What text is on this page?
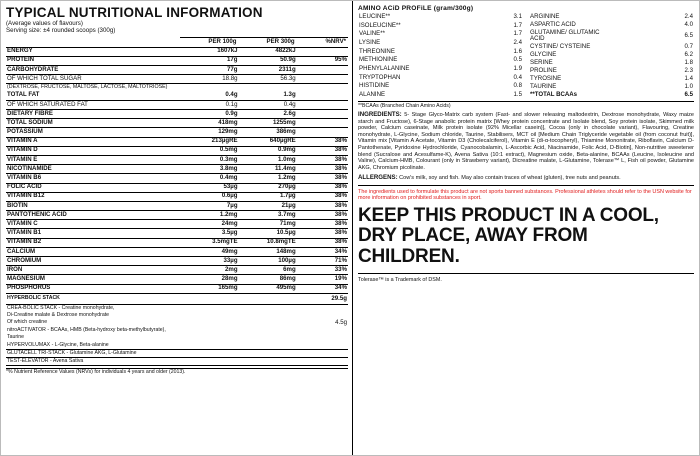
TYPICAL NUTRITIONAL INFORMATION
(Average values of flavours)
Serving size: ±4 rounded scoops (300g)
	PER 100g	PER 300g	%NRV*
ENERGY	1607kJ	4822kJ	
PROTEIN	17g	50.9g	95%
CARBOHYDRATE	77g	2311g	
OF WHICH TOTAL SUGAR	18.8g	56.3g	
(DEXTROSE, FRUCTOSE, MALTOSE, LACTOSE, MALTOTRIOSE)			
TOTAL FAT	0.4g	1.3g	
OF WHICH SATURATED FAT	0.1g	0.4g	
DIETARY FIBRE	0.9g	2.6g	
TOTAL SODIUM	418mg	1255mg	
POTASSIUM	129mg	386mg	
VITAMIN A	213µgRE	640µgRE	38%
VITAMIN D	0.5mg	0.9mg	38%
VITAMIN E	0.3mg	1.0mg	38%
NICOTINAMIDE	3.8mg	11.4mg	38%
VITAMIN B6	0.4mg	1.2mg	38%
FOLIC ACID	53µg	270µg	38%
VITAMIN B12	0.6µg	1.7µg	38%
BIOTIN	7µg	21µg	38%
PANTOTHENIC ACID	1.2mg	3.7mg	38%
VITAMIN C	24mg	71mg	38%
VITAMIN B1	3.5µg	10.5µg	38%
VITAMIN B2	3.5mgTE	10.8mgTE	38%
CALCIUM	49mg	148mg	34%
CHROMIUM	33µg	100µg	71%
IRON	2mg	6mg	33%
MAGNESIUM	28mg	86mg	19%
PHOSPHORUS	165mg	495mg	34%
HYPERBOLIC STACK	29.5g
CREA-BOLIC STACK - Creatine monohydrate,	
Di-Creatine malate & Dextrose monohydrate	
Of which creatine	4.5g
nitroACTIVATOR - BCAAs, HMB (Beta-hydroxy beta-methylbutyrate),	
Taurine	
HYPERVOLUMAX - L-Glycine, Beta-alanine	
GLUTACELL TRI-STACK - Glutamine AKG, L-Glutamine	
TEST-ELEVATOR - Avena Sativa	
*% Nutrient Reference Values (NRVs) for individuals 4 years and older (2013).
AMINO ACiD PROFiLE (gram/300g)
LEUCINE**	3.1
ISOLEUCINE**	1.7
VALINE**	1.7
LYSINE	2.4
THREONINE	1.6
METHIONINE	0.5
PHENYLALANINE	1.9
TRYPTOPHAN	0.4
HISTIDINE	0.8
ALANINE	1.5
ARGININE	2.4
ASPARTIC ACID	4.0
GLUTAMINE/ GLUTAMIC ACID	6.5
CYSTINE/ CYSTEINE	0.7
GLYCINE	6.2
SERINE	1.8
PROLINE	2.3
TYROSINE	1.4
TAURINE	1.0
**TOTAL BCAAs	6.5
**BCAAs (Branched Chain Amino Acids)

INGREDIENTS: 5- Stage Glyco-Matrix carb system (Fast- and slower releasing maltodextrin, Dextrose monohydrate, Waxy maize starch and Fructose), 6-Stage anabolic protein matrix [Whey protein concentrate and Isolate blend, Soy protein isolate, Skimmed milk powder, Calcium caseinate, Milk protein isolate (92% Micellar casein)], Cocoa (only in chocolate variant), Flavouring, Creatine monohydrate, L-Glycine, Sodium chloride, Taurine, Stabilisers, MCT oil [Medium Chain Triglyceride vegetable oil (from coconut fruit)], Vitamin mix [Vitamin A Acetate, Vitamin D3 (Cholecalciferol), Vitamin E (di-α-tocopheryl), Thiamine Mononitrate, Riboflavin, Calcium D-Pantothenate, Pyridoxine Hydrochloride, Cyanocobalamin, L-Ascorbic Acid, Niacinamide, Folic Acid, D-Biotin], Non-nutritive sweetener blend (Sucralose and Acesulfame-K), Avena Sativa (10:1 extract), Magnesium oxide, Beta-alanine, BCAAs (Leucine, Isoleucine and Valine), Calcium-HMB, Colourant (only in Strawberry variant), Dicreatine malate, L-Glutamine, Tolerase™ L, Fish oil powder, Glutamine AKG, Chromium picolinate.

ALLERGENS: Cow's milk, soy and fish. May also contain traces of wheat (gluten), tree nuts and peanuts.

The ingredients used to formulate this product are not sports banned substances. Professional athletes should refer to the USN website for more information on prohibited substances in sport.
KEEP THIS PRODUCT IN A COOL, DRY PLACE, AWAY FROM CHILDREN.
Tolerase™ is a Trademark of DSM.
